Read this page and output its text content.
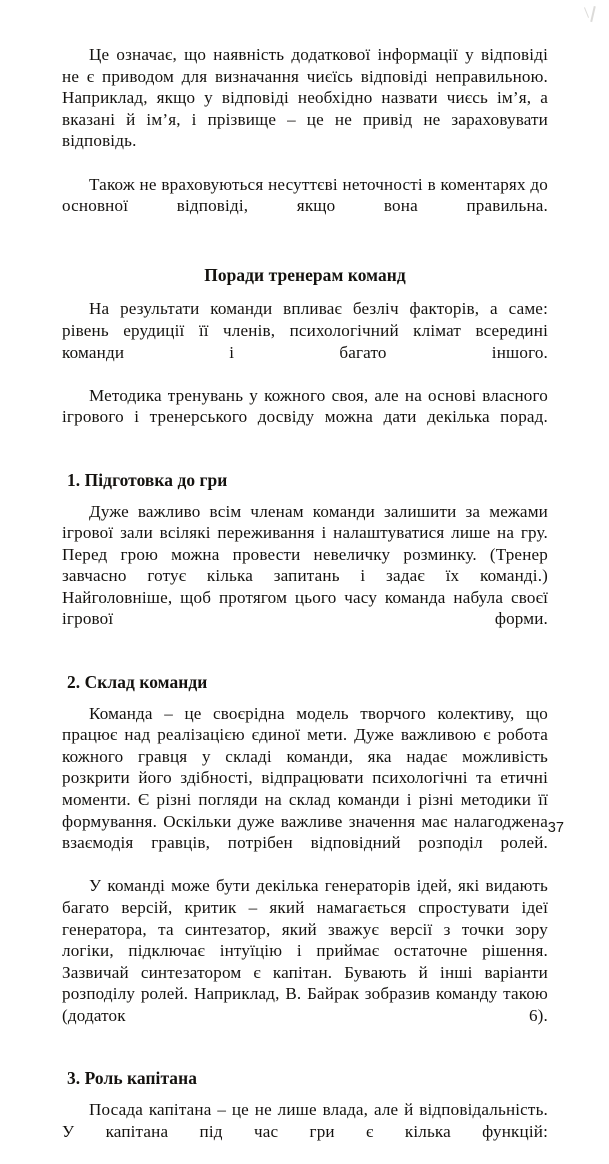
Це означає, що наявність додаткової інформації у відповіді не є приводом для визначання чиєїсь відповіді неправильною. Наприклад, якщо у відповіді необхідно назвати чиєсь ім’я, а вказані й ім’я, і прізвище – це не привід не зараховувати відповідь.

Також не враховуються несуттєві неточності в коментарях до основної відповіді, якщо вона правильна.

Поради тренерам команд

На результати команди впливає безліч факторів, а саме: рівень ерудиції її членів, психологічний клімат всередині команди і багато іншого.

Методика тренувань у кожного своя, але на основі власного ігрового і тренерського досвіду можна дати декілька порад.

1. Підготовка до гри

Дуже важливо всім членам команди залишити за межами ігрової зали всілякі переживання і налаштуватися лише на гру. Перед грою можна провести невеличку розминку. (Тренер завчасно готує кілька запитань і задає їх команді.) Найголовніше, щоб протягом цього часу команда набула своєї ігрової форми.

2. Склад команди

Команда – це своєрідна модель творчого колективу, що працює над реалізацією єдиної мети. Дуже важливою є робота кожного гравця у складі команди, яка надає можливість розкрити його здібності, відпрацювати психологічні та етичні моменти. Є різні погляди на склад команди і різні методики її формування. Оскільки дуже важливе значення має налагоджена взаємодія гравців, потрібен відповідний розподіл ролей.

У команді може бути декілька генераторів ідей, які видають багато версій, критик – який намагається спростувати ідеї генератора, та синтезатор, який зважує версії з точки зору логіки, підключає інтуїцію і приймає остаточне рішення. Зазвичай синтезатором є капітан. Бувають й інші варіанти розподілу ролей. Наприклад, В. Байрак зобразив команду такою (додаток 6).

3. Роль капітана

Посада капітана – це не лише влада, але й відповідальність. У капітана під час гри є кілька функцій:

37
